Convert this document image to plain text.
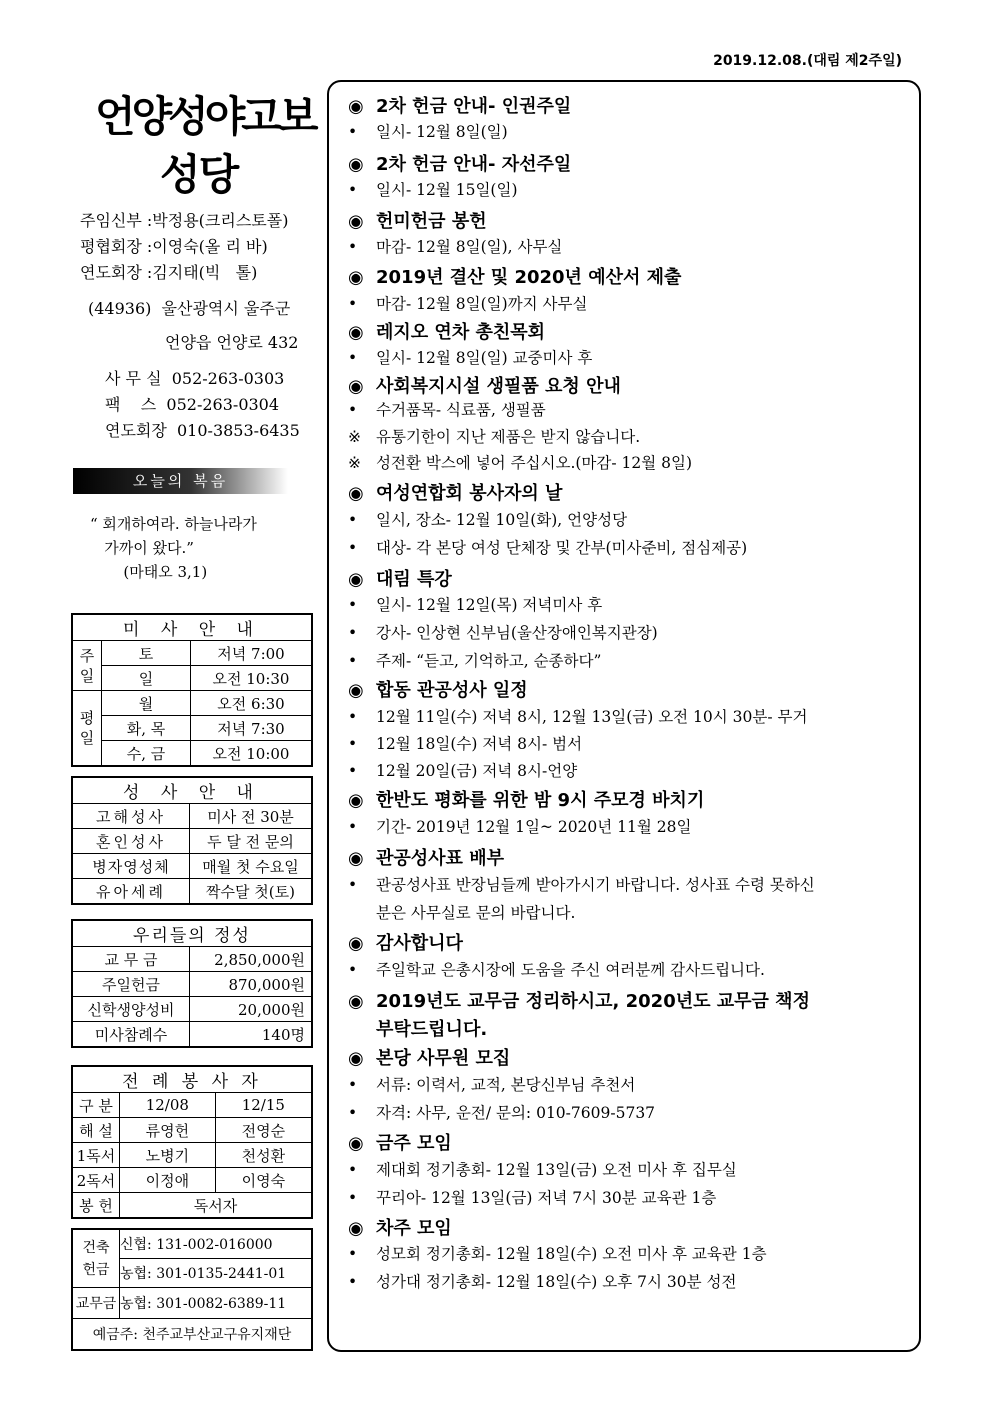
2019.12.08.(대림 제2주일)
언양성야고보
성당
주임신부 :박정용(크리스토폴)
평협회장 :이영숙(올 리 바)
연도회장 :김지태(빅   톨)
(44936)  울산광역시 울주군
언양읍 언양로 432
사 무 실  052-263-0303
팩    스  052-263-0304
연도회장  010-3853-6435
오늘의 복음
“ 회개하여라. 하늘나라가
가까이 왔다.”
(마태오 3,1)
미 사 안 내		
주
일	토	저녁 7:00
	일	오전 10:30
평
일	월	오전 6:30
	화, 목	저녁 7:30
	수, 금	오전 10:00
성 사 안 내	
고해성사	미사 전 30분
혼인성사	두 달 전 문의
병자영성체	매월 첫 수요일
유아세례	짝수달 첫(토)
우리들의 정성	
교 무 금	2,850,000원
주일헌금	870,000원
신학생양성비	20,000원
미사참례수	140명
전 례 봉 사 자		
구 분	12/08	12/15
해 설	류영헌	전영순
1독서	노병기	천성환
2독서	이정애	이영숙
봉 헌	독서자	
건축
헌금	신협: 131-002-016000
	농협: 301-0135-2441-01
교무금	농협: 301-0082-6389-11
예금주: 천주교부산교구유지재단	
◉ 2차 헌금 안내- 인권주일
• 일시- 12월 8일(일)
◉ 2차 헌금 안내- 자선주일
• 일시- 12월 15일(일)
◉ 헌미헌금 봉헌
• 마감- 12월 8일(일), 사무실
◉ 2019년 결산 및 2020년 예산서 제출
• 마감- 12월 8일(일)까지 사무실
◉ 레지오 연차 총친목회
• 일시- 12월 8일(일) 교중미사 후
◉ 사회복지시설 생필품 요청 안내
• 수거품목- 식료품, 생필품
※ 유통기한이 지난 제품은 받지 않습니다.
※ 성전환 박스에 넣어 주십시오.(마감- 12월 8일)
◉ 여성연합회 봉사자의 날
• 일시, 장소- 12월 10일(화), 언양성당
• 대상- 각 본당 여성 단체장 및 간부(미사준비, 점심제공)
◉ 대림 특강
• 일시- 12월 12일(목) 저녁미사 후
• 강사- 인상현 신부님(울산장애인복지관장)
• 주제- “듣고, 기억하고, 순종하다”
◉ 합동 관공성사 일정
• 12월 11일(수) 저녁 8시, 12월 13일(금) 오전 10시 30분- 무거
• 12월 18일(수) 저녁 8시- 범서
• 12월 20일(금) 저녁 8시-언양
◉ 한반도 평화를 위한 밤 9시 주모경 바치기
• 기간- 2019년 12월 1일~ 2020년 11월 28일
◉ 관공성사표 배부
• 관공성사표 반장님들께 받아가시기 바랍니다. 성사표 수령 못하신
분은 사무실로 문의 바랍니다.
◉ 감사합니다
• 주일학교 은총시장에 도움을 주신 여러분께 감사드립니다.
◉ 2019년도 교무금 정리하시고, 2020년도 교무금 책정
부탁드립니다.
◉ 본당 사무원 모집
• 서류: 이력서, 교적, 본당신부님 추천서
• 자격: 사무, 운전/ 문의: 010-7609-5737
◉ 금주 모임
• 제대회 정기총회- 12월 13일(금) 오전 미사 후 집무실
• 꾸리아- 12월 13일(금) 저녁 7시 30분 교육관 1층
◉ 차주 모임
• 성모회 정기총회- 12월 18일(수) 오전 미사 후 교육관 1층
• 성가대 정기총회- 12월 18일(수) 오후 7시 30분 성전
